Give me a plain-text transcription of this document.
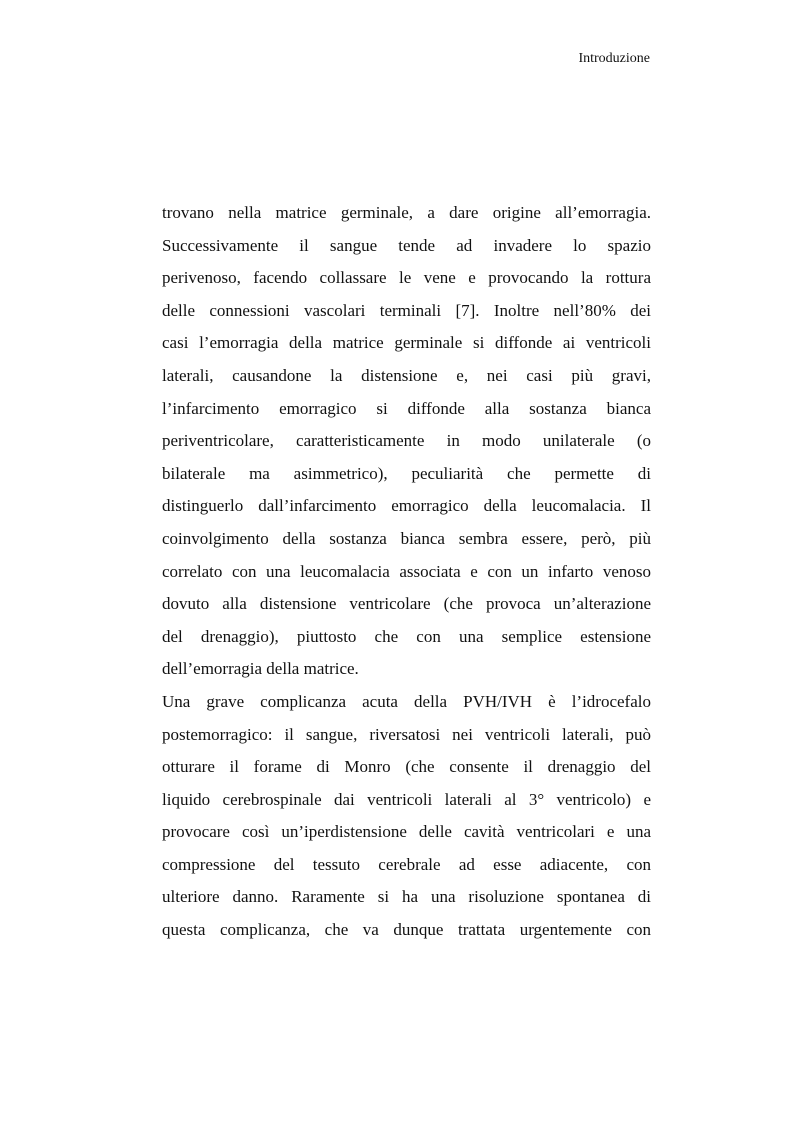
Introduzione

trovano nella matrice germinale, a dare origine all’emorragia.
Successivamente il sangue tende ad invadere lo spazio
perivenoso, facendo collassare le vene e provocando la rottura
delle connessioni vascolari terminali [7]. Inoltre nell’80% dei
casi l’emorragia della matrice germinale si diffonde ai ventricoli
laterali, causandone la distensione e, nei casi più gravi,
l’infarcimento emorragico si diffonde alla sostanza bianca
periventricolare, caratteristicamente in modo unilaterale (o
bilaterale ma asimmetrico), peculiarità che permette di
distinguerlo dall’infarcimento emorragico della leucomalacia. Il
coinvolgimento della sostanza bianca sembra essere, però, più
correlato con una leucomalacia associata e con un infarto venoso
dovuto alla distensione ventricolare (che provoca un’alterazione
del drenaggio), piuttosto che con una semplice estensione
dell’emorragia della matrice.

Una grave complicanza acuta della PVH/IVH è l’idrocefalo
postemorragico: il sangue, riversatosi nei ventricoli laterali, può
otturare il forame di Monro (che consente il drenaggio del
liquido cerebrospinale dai ventricoli laterali al 3° ventricolo) e
provocare così un’iperdistensione delle cavità ventricolari e una
compressione del tessuto cerebrale ad esse adiacente, con
ulteriore danno. Raramente si ha una risoluzione spontanea di
questa complicanza, che va dunque trattata urgentemente con
